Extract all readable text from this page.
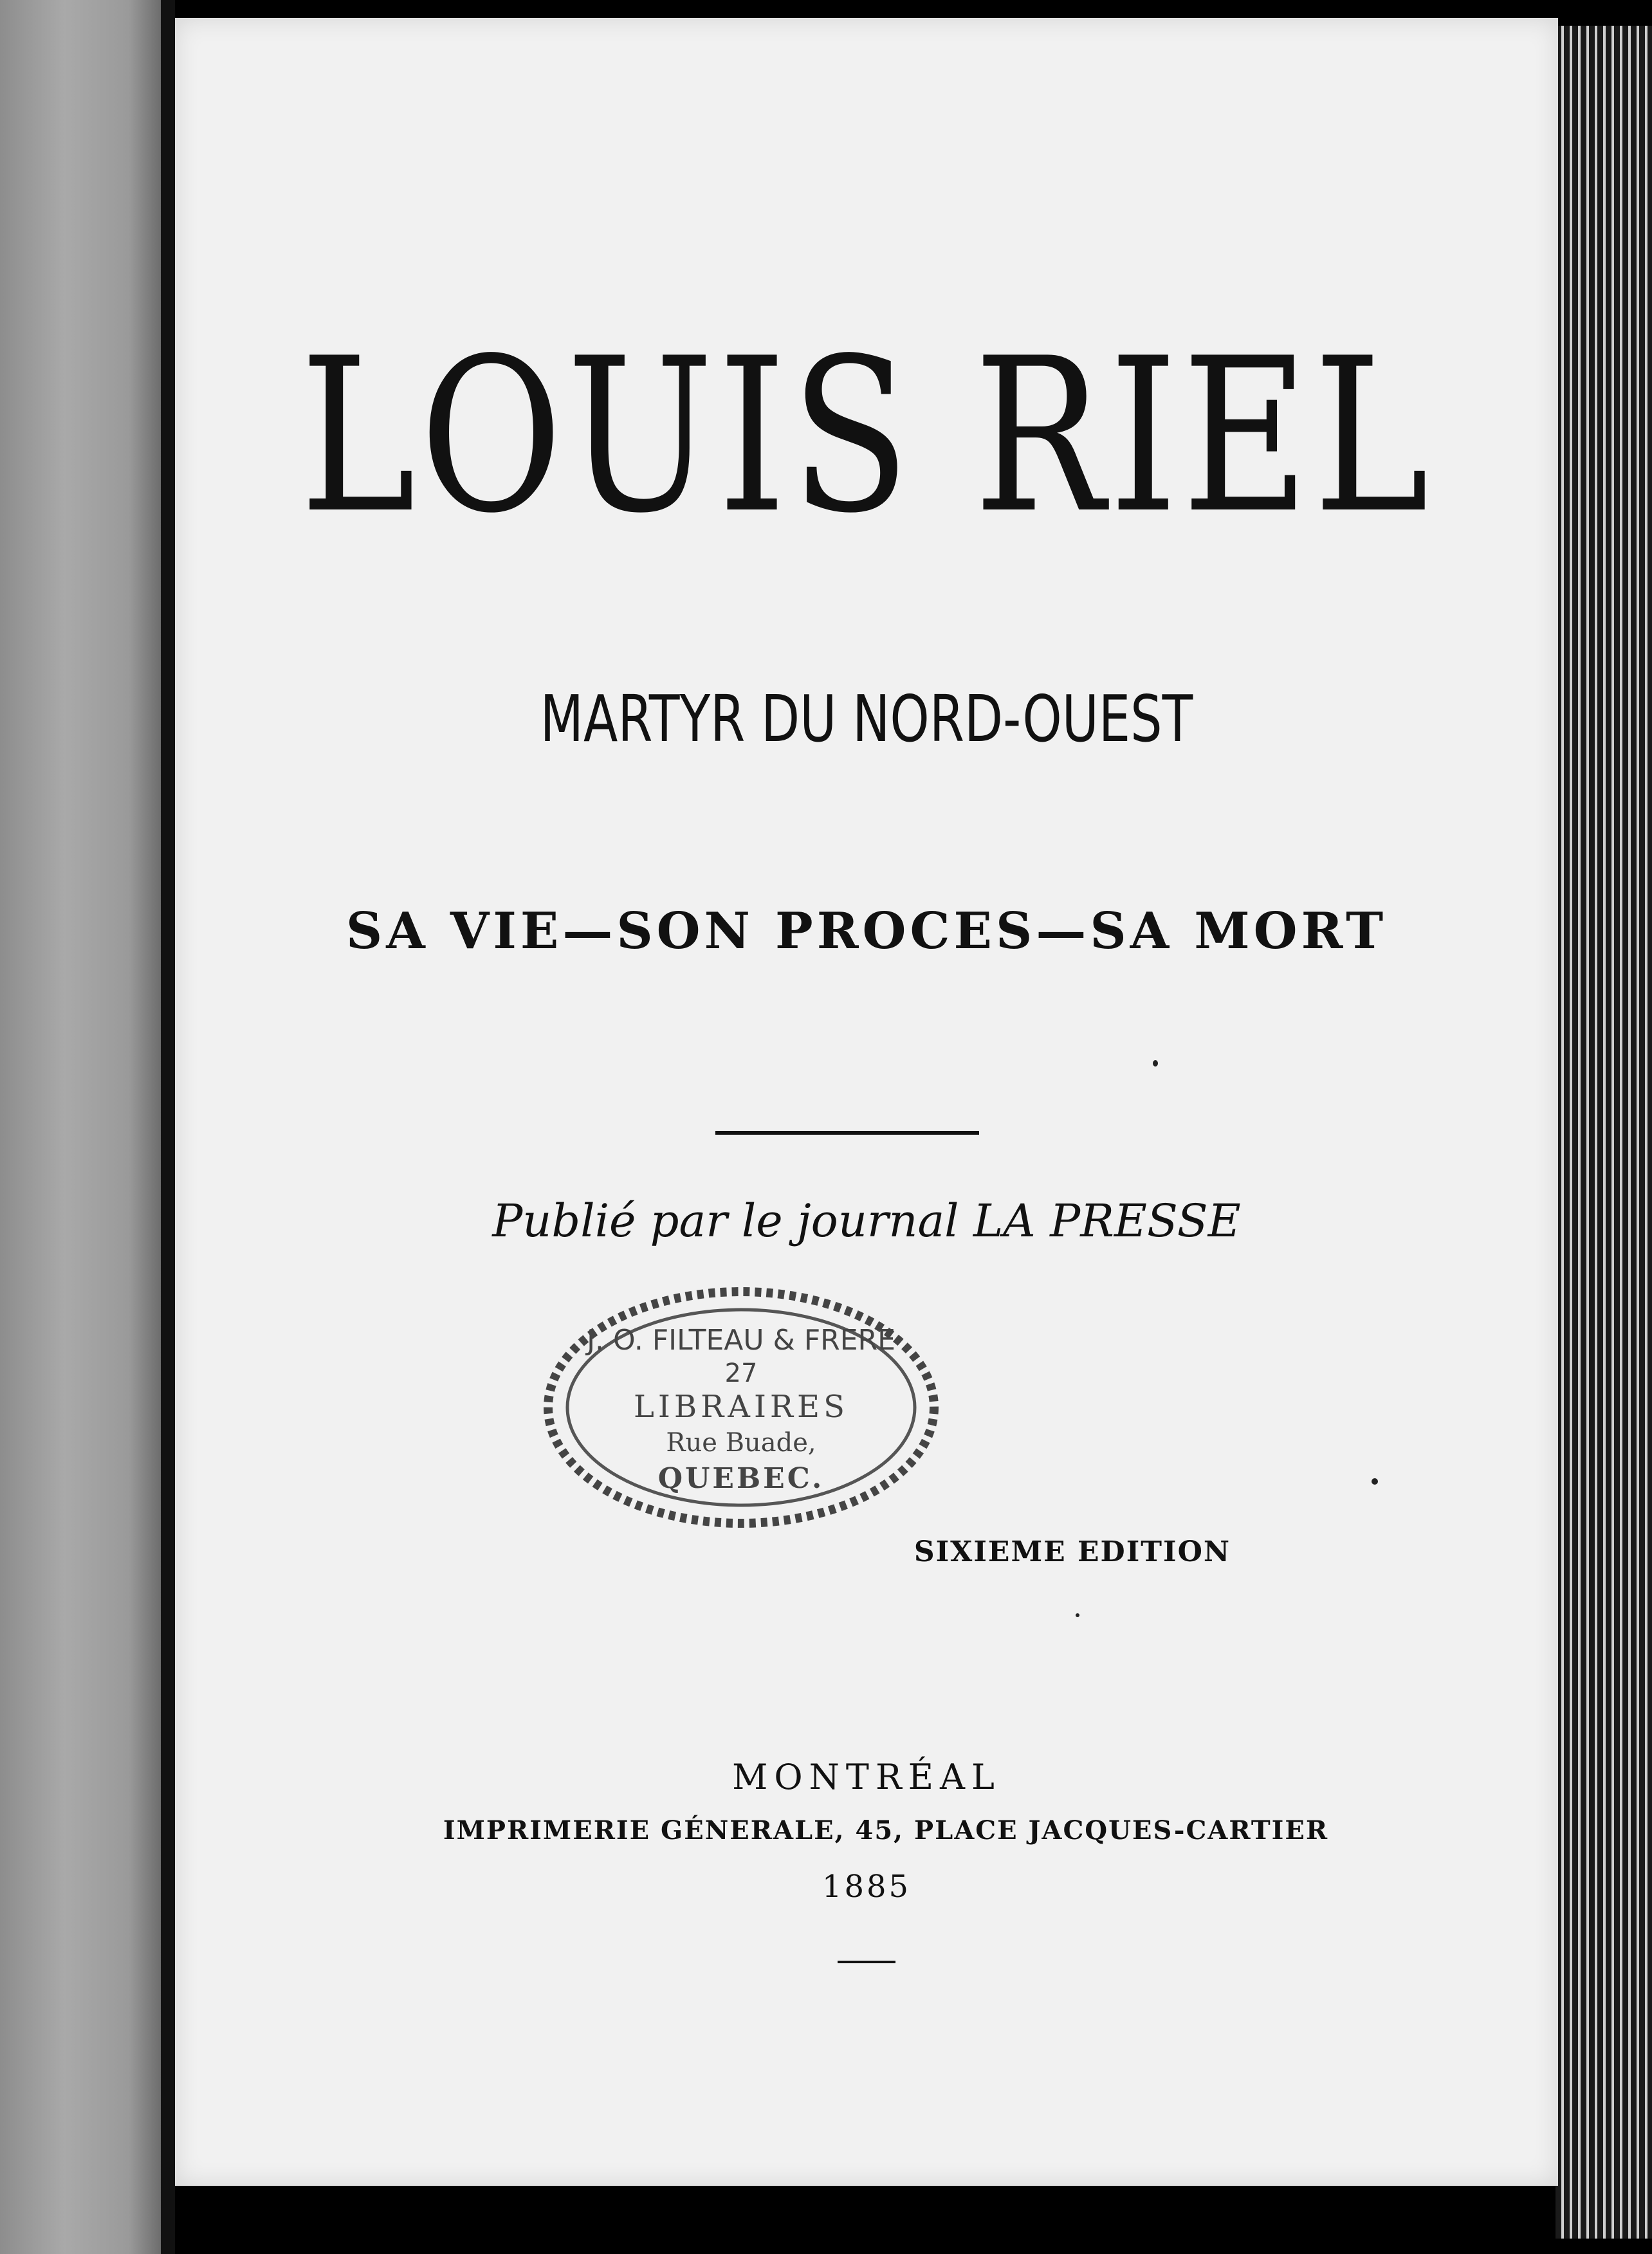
LOUIS RIEL
MARTYR DU NORD-OUEST
SA VIE—SON PROCES—SA MORT
Publié par le journal LA PRESSE
J. O. FILTEAU & FRERE
27
LIBRAIRES
Rue Buade,
QUEBEC.
SIXIEME EDITION
MONTRÉAL
IMPRIMERIE GÉNERALE, 45, PLACE JACQUES-CARTIER
1885
